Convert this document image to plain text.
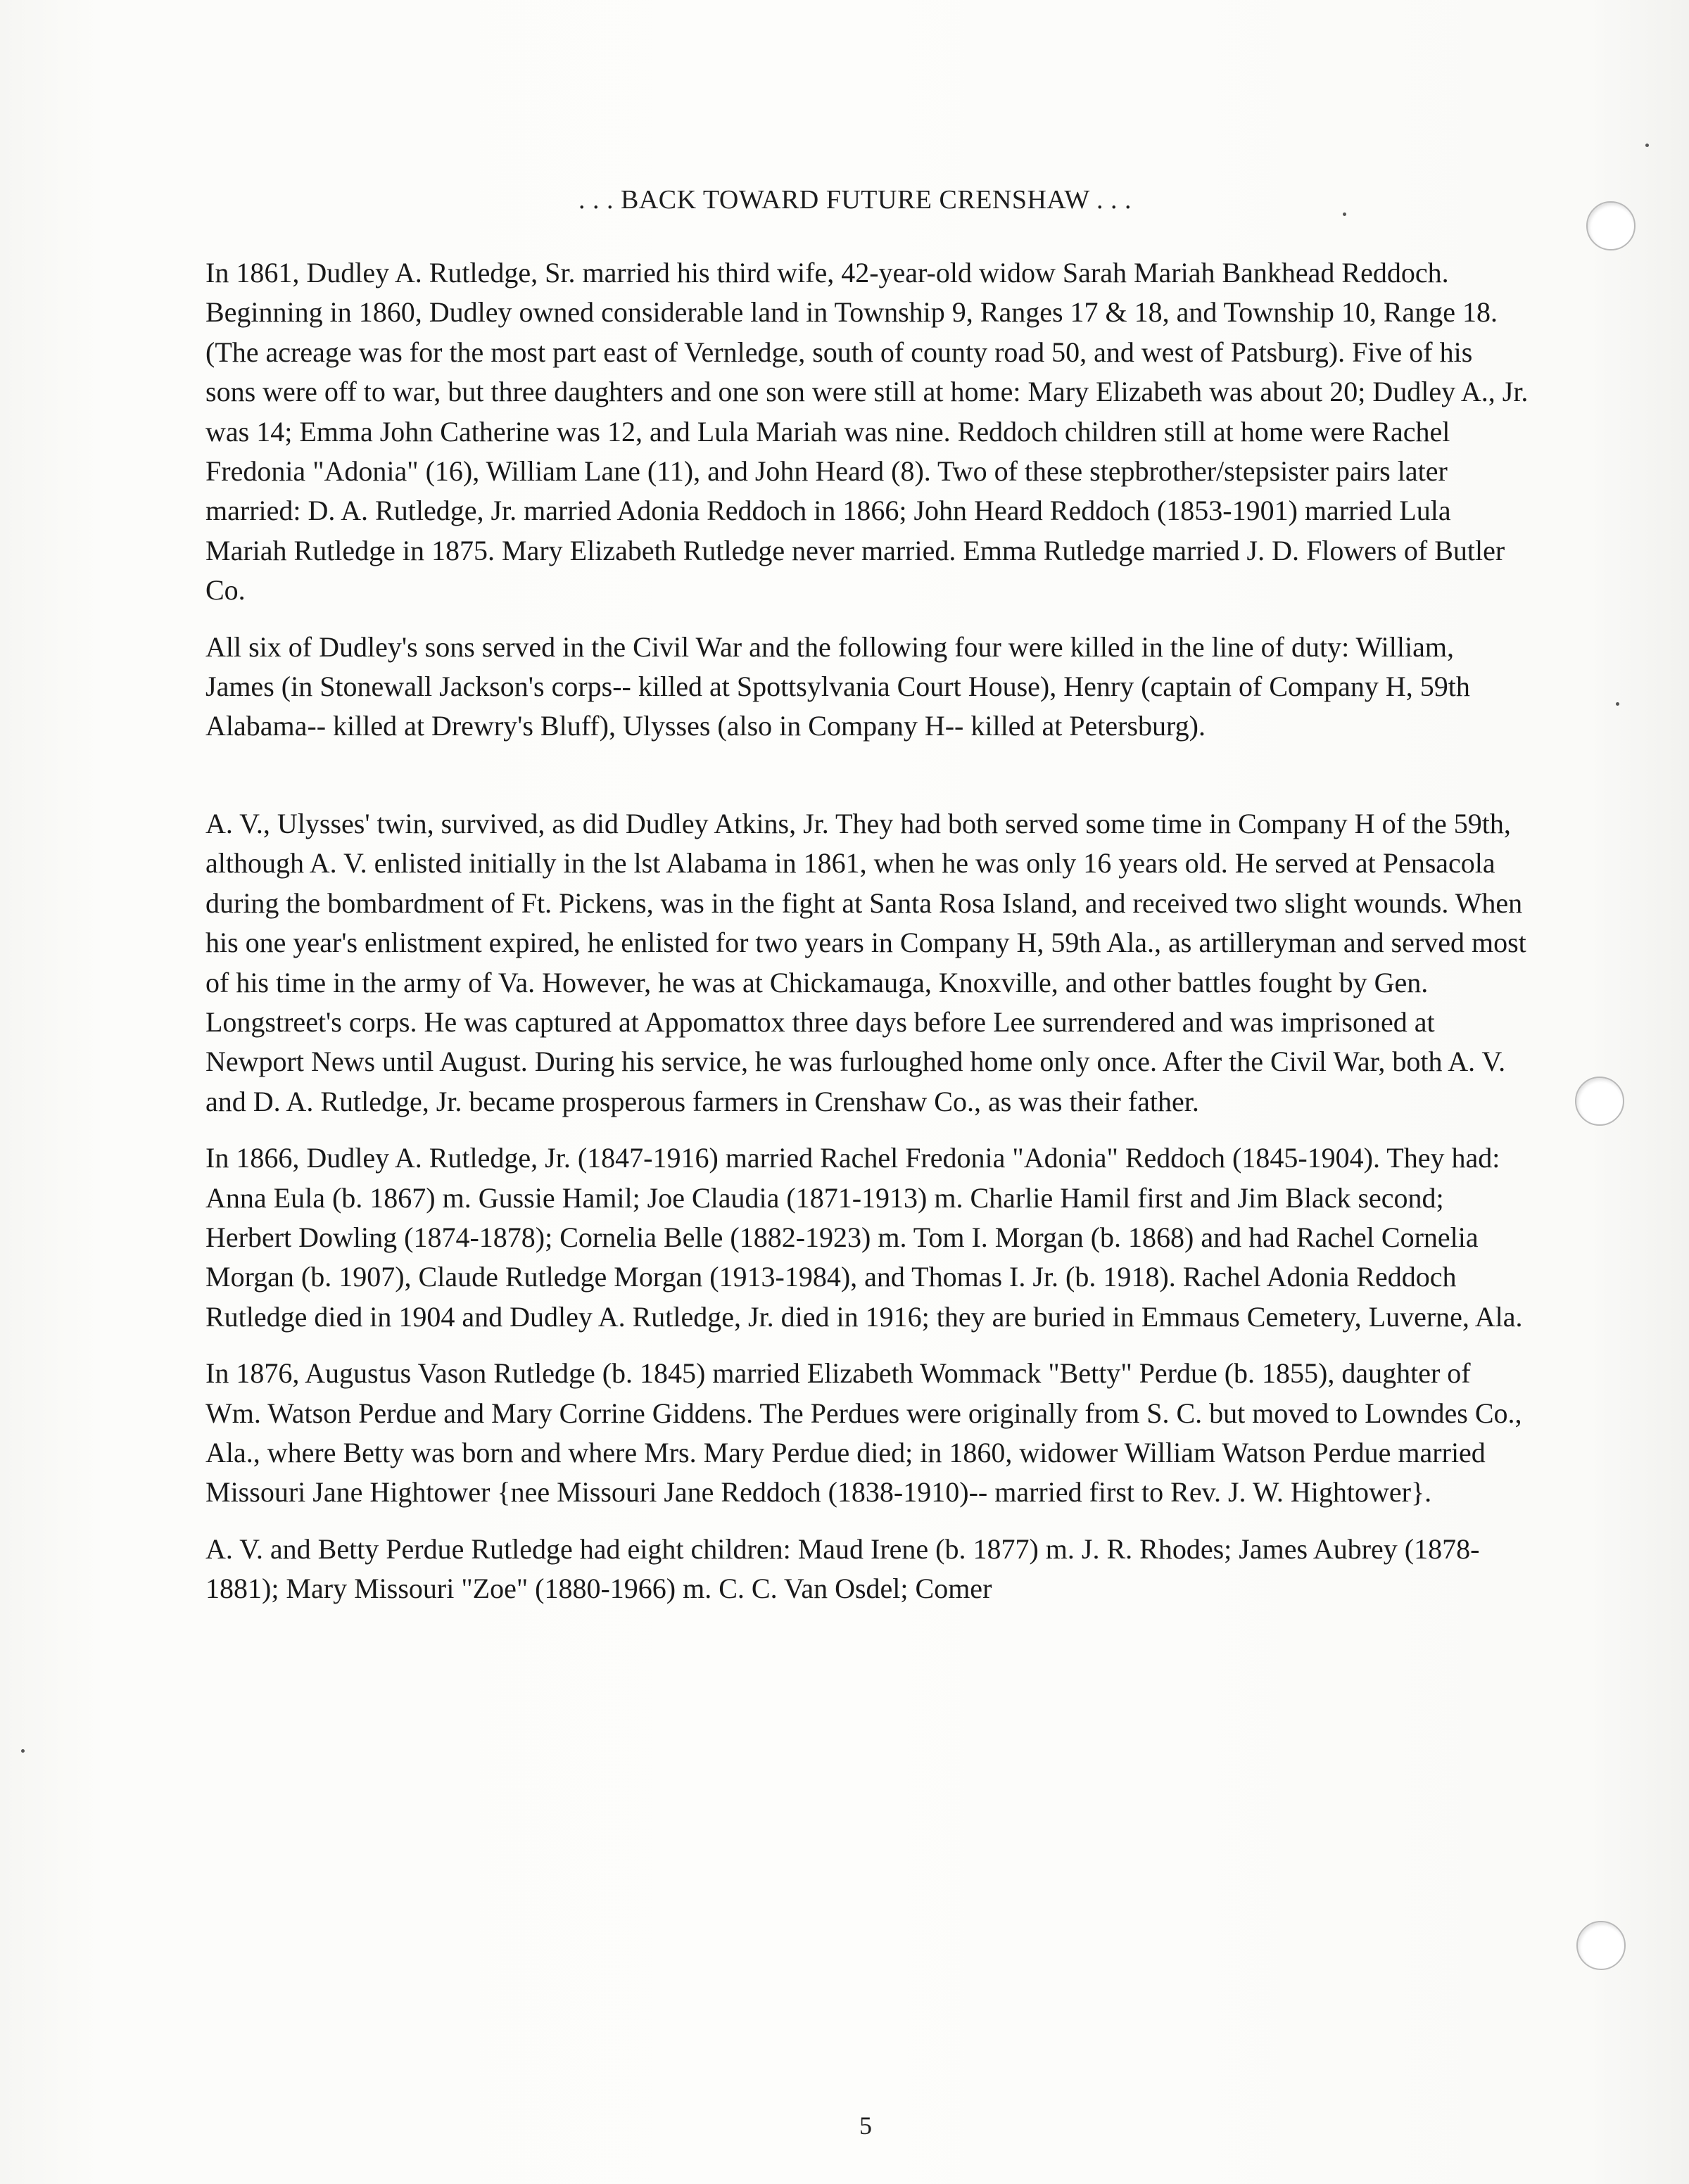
. . . BACK TOWARD FUTURE CRENSHAW . . .

In 1861, Dudley A. Rutledge, Sr. married his third wife, 42-year-old widow Sarah Mariah Bankhead Reddoch. Beginning in 1860, Dudley owned considerable land in Township 9, Ranges 17 & 18, and Township 10, Range 18. (The acreage was for the most part east of Vernledge, south of county road 50, and west of Patsburg). Five of his sons were off to war, but three daughters and one son were still at home: Mary Elizabeth was about 20; Dudley A., Jr. was 14; Emma John Catherine was 12, and Lula Mariah was nine. Reddoch children still at home were Rachel Fredonia "Adonia" (16), William Lane (11), and John Heard (8). Two of these stepbrother/stepsister pairs later married: D. A. Rutledge, Jr. married Adonia Reddoch in 1866; John Heard Reddoch (1853-1901) married Lula Mariah Rutledge in 1875. Mary Elizabeth Rutledge never married. Emma Rutledge married J. D. Flowers of Butler Co.

All six of Dudley's sons served in the Civil War and the following four were killed in the line of duty: William, James (in Stonewall Jackson's corps-- killed at Spottsylvania Court House), Henry (captain of Company H, 59th Alabama-- killed at Drewry's Bluff), Ulysses (also in Company H-- killed at Petersburg).

A. V., Ulysses' twin, survived, as did Dudley Atkins, Jr. They had both served some time in Company H of the 59th, although A. V. enlisted initially in the lst Alabama in 1861, when he was only 16 years old. He served at Pensacola during the bombardment of Ft. Pickens, was in the fight at Santa Rosa Island, and received two slight wounds. When his one year's enlistment expired, he enlisted for two years in Company H, 59th Ala., as artilleryman and served most of his time in the army of Va. However, he was at Chickamauga, Knoxville, and other battles fought by Gen. Longstreet's corps. He was captured at Appomattox three days before Lee surrendered and was imprisoned at Newport News until August. During his service, he was furloughed home only once. After the Civil War, both A. V. and D. A. Rutledge, Jr. became prosperous farmers in Crenshaw Co., as was their father.

In 1866, Dudley A. Rutledge, Jr. (1847-1916) married Rachel Fredonia "Adonia" Reddoch (1845-1904). They had: Anna Eula (b. 1867) m. Gussie Hamil; Joe Claudia (1871-1913) m. Charlie Hamil first and Jim Black second; Herbert Dowling (1874-1878); Cornelia Belle (1882-1923) m. Tom I. Morgan (b. 1868) and had Rachel Cornelia Morgan (b. 1907), Claude Rutledge Morgan (1913-1984), and Thomas I. Jr. (b. 1918). Rachel Adonia Reddoch Rutledge died in 1904 and Dudley A. Rutledge, Jr. died in 1916; they are buried in Emmaus Cemetery, Luverne, Ala.

In 1876, Augustus Vason Rutledge (b. 1845) married Elizabeth Wommack "Betty" Perdue (b. 1855), daughter of Wm. Watson Perdue and Mary Corrine Giddens. The Perdues were originally from S. C. but moved to Lowndes Co., Ala., where Betty was born and where Mrs. Mary Perdue died; in 1860, widower William Watson Perdue married Missouri Jane Hightower {nee Missouri Jane Reddoch (1838-1910)-- married first to Rev. J. W. Hightower}.

A. V. and Betty Perdue Rutledge had eight children: Maud Irene (b. 1877) m. J. R. Rhodes; James Aubrey (1878-1881); Mary Missouri "Zoe" (1880-1966) m. C. C. Van Osdel; Comer

5
